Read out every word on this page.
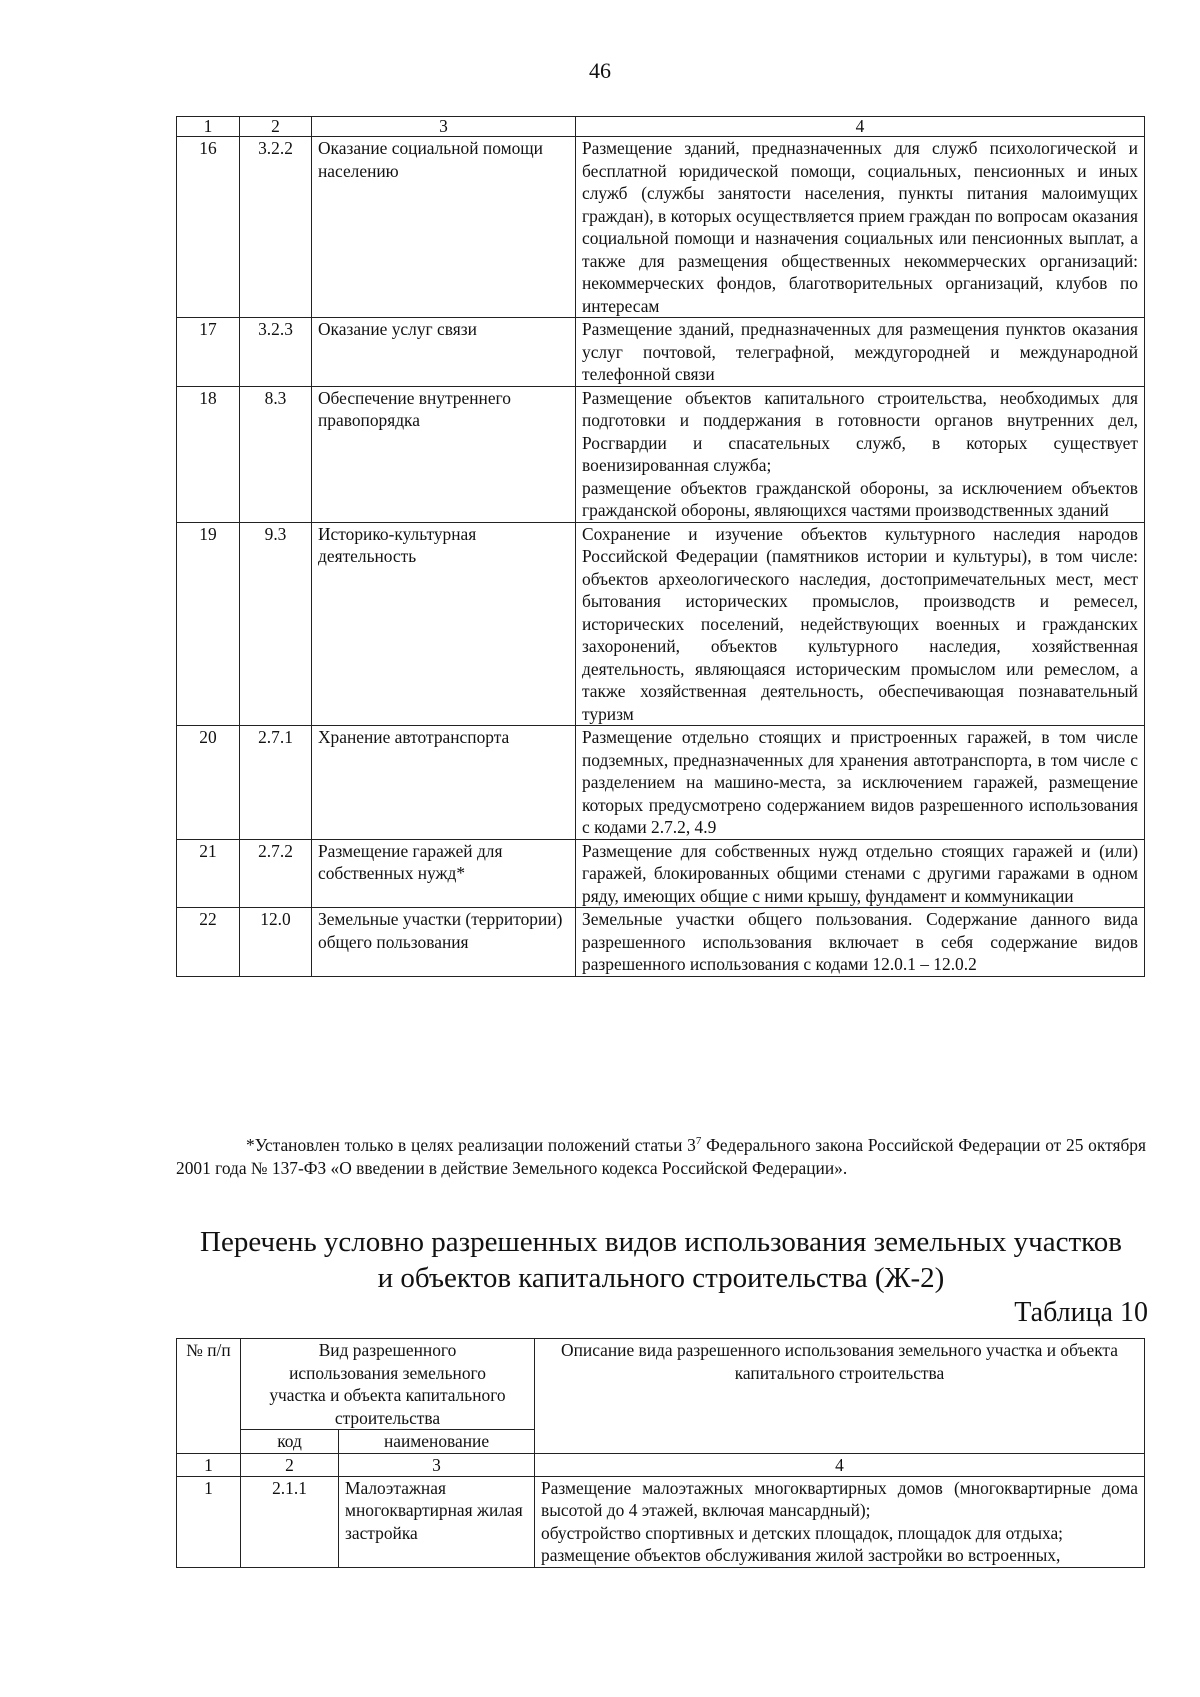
46
1	2	3	4
16	3.2.2	Оказание социальной помощи населению	Размещение зданий, предназначенных для служб психологической и бесплатной юридической помощи, социальных, пенсионных и иных служб (службы занятости населения, пункты питания малоимущих граждан), в которых осуществляется прием граждан по вопросам оказания социальной помощи и назначения социальных или пенсионных выплат, а также для размещения общественных некоммерческих организаций: некоммерческих фондов, благотворительных организаций, клубов по интересам
17	3.2.3	Оказание услуг связи	Размещение зданий, предназначенных для размещения пунктов оказания услуг почтовой, телеграфной, междугородней и международной телефонной связи
18	8.3	Обеспечение внутреннего правопорядка	Размещение объектов капитального строительства, необходимых для подготовки и поддержания в готовности органов внутренних дел, Росгвардии и спасательных служб, в которых существует военизированная служба;
размещение объектов гражданской обороны, за исключением объектов гражданской обороны, являющихся частями производственных зданий

19	9.3	Историко-культурная деятельность	Сохранение и изучение объектов культурного наследия народов Российской Федерации (памятников истории и культуры), в том числе: объектов археологического наследия, достопримечательных мест, мест бытования исторических промыслов, производств и ремесел, исторических поселений, недействующих военных и гражданских захоронений, объектов культурного наследия, хозяйственная деятельность, являющаяся историческим промыслом или ремеслом, а также хозяйственная деятельность, обеспечивающая познавательный туризм
20	2.7.1	Хранение автотранспорта	Размещение отдельно стоящих и пристроенных гаражей, в том числе подземных, предназначенных для хранения автотранспорта, в том числе с разделением на машино-места, за исключением гаражей, размещение которых предусмотрено содержанием видов разрешенного использования с кодами 2.7.2, 4.9
21	2.7.2	Размещение гаражей для собственных нужд*	Размещение для собственных нужд отдельно стоящих гаражей и (или) гаражей, блокированных общими стенами с другими гаражами в одном ряду, имеющих общие с ними крышу, фундамент и коммуникации
22	12.0	Земельные участки (территории) общего пользования	Земельные участки общего пользования. Содержание данного вида разрешенного использования включает в себя содержание видов разрешенного использования с кодами 12.0.1 – 12.0.2
*Установлен только в целях реализации положений статьи $3^7$ Федерального закона Российской Федерации от 25 октября 2001 года № 137-ФЗ «О введении в действие Земельного кодекса Российской Федерации».
Перечень условно разрешенных видов использования земельных участков
и объектов капитального строительства (Ж-2)
Таблица 10
№ п/п	Вид разрешенного использования земельного участка и объекта капитального строительства		Описание вида разрешенного использования земельного участка и объекта капитального строительства
	код	наименование	
1	2	3	4
1	2.1.1	Малоэтажная многоквартирная жилая застройка	Размещение малоэтажных многоквартирных домов (многоквартирные дома высотой до 4 этажей, включая мансардный);
обустройство спортивных и детских площадок, площадок для отдыха;
размещение объектов обслуживания жилой застройки во встроенных,
